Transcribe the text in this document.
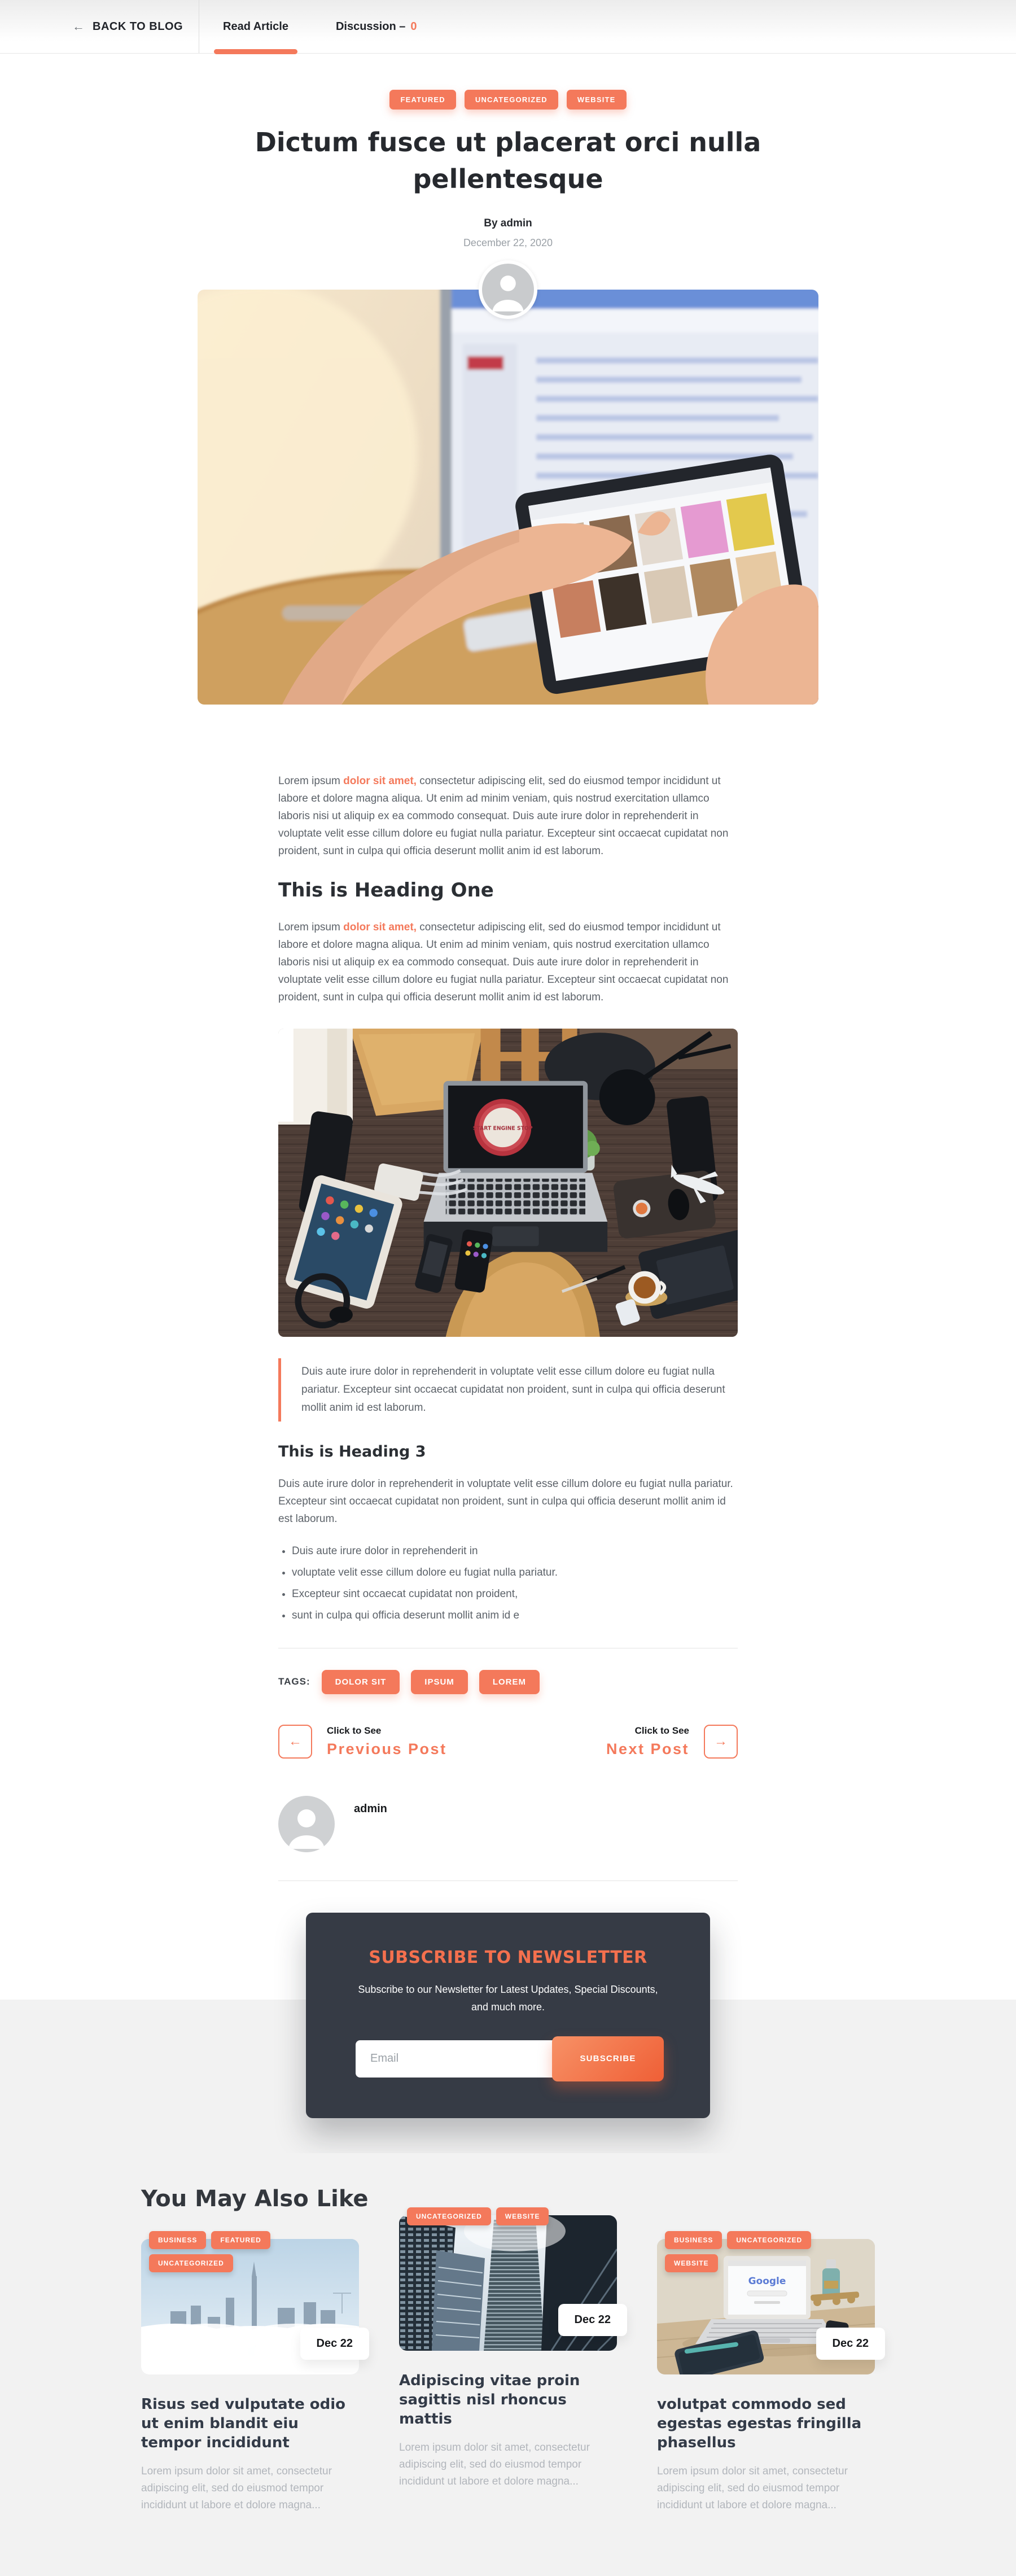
← BACK TO BLOG	Read Article	Discussion – 0
FEATURED	UNCATEGORIZED	WEBSITE
Dictum fusce ut placerat orci nulla pellentesque
By admin
December 22, 2020

Lorem ipsum dolor sit amet, consectetur adipiscing elit, sed do eiusmod tempor incididunt ut labore et dolore magna aliqua. Ut enim ad minim veniam, quis nostrud exercitation ullamco laboris nisi ut aliquip ex ea commodo consequat. Duis aute irure dolor in reprehenderit in voluptate velit esse cillum dolore eu fugiat nulla pariatur. Excepteur sint occaecat cupidatat non proident, sunt in culpa qui officia deserunt mollit anim id est laborum.

This is Heading One

Lorem ipsum dolor sit amet, consectetur adipiscing elit, sed do eiusmod tempor incididunt ut labore et dolore magna aliqua. Ut enim ad minim veniam, quis nostrud exercitation ullamco laboris nisi ut aliquip ex ea commodo consequat. Duis aute irure dolor in reprehenderit in voluptate velit esse cillum dolore eu fugiat nulla pariatur. Excepteur sint occaecat cupidatat non proident, sunt in culpa qui officia deserunt mollit anim id est laborum.

START ENGINE STOP
Duis aute irure dolor in reprehenderit in voluptate velit esse cillum dolore eu fugiat nulla pariatur. Excepteur sint occaecat cupidatat non proident, sunt in culpa qui officia deserunt mollit anim id est laborum.
This is Heading 3

Duis aute irure dolor in reprehenderit in voluptate velit esse cillum dolore eu fugiat nulla pariatur. Excepteur sint occaecat cupidatat non proident, sunt in culpa qui officia deserunt mollit anim id est laborum.

• Duis aute irure dolor in reprehenderit in
• voluptate velit esse cillum dolore eu fugiat nulla pariatur.
• Excepteur sint occaecat cupidatat non proident,
• sunt in culpa qui officia deserunt mollit anim id e
TAGS:	DOLOR SIT	IPSUM	LOREM
←
Click to See
Previous Post
Click to See
Next Post	→
admin
SUBSCRIBE TO NEWSLETTER

Subscribe to our Newsletter for Latest Updates, Special Discounts, and much more.

Email
SUBSCRIBE
You May Also Like
BUSINESS	FEATURED
UNCATEGORIZED
Dec 22
Risus sed vulputate odio ut enim blandit eiu tempor incididunt
Lorem ipsum dolor sit amet, consectetur adipiscing elit, sed do eiusmod tempor incididunt ut labore et dolore magna...
UNCATEGORIZED	WEBSITE
Dec 22
Adipiscing vitae proin sagittis nisl rhoncus mattis
Lorem ipsum dolor sit amet, consectetur adipiscing elit, sed do eiusmod tempor incididunt ut labore et dolore magna...
Google
BUSINESS	UNCATEGORIZED
WEBSITE
Dec 22
volutpat commodo sed egestas egestas fringilla phasellus
Lorem ipsum dolor sit amet, consectetur adipiscing elit, sed do eiusmod tempor incididunt ut labore et dolore magna...
